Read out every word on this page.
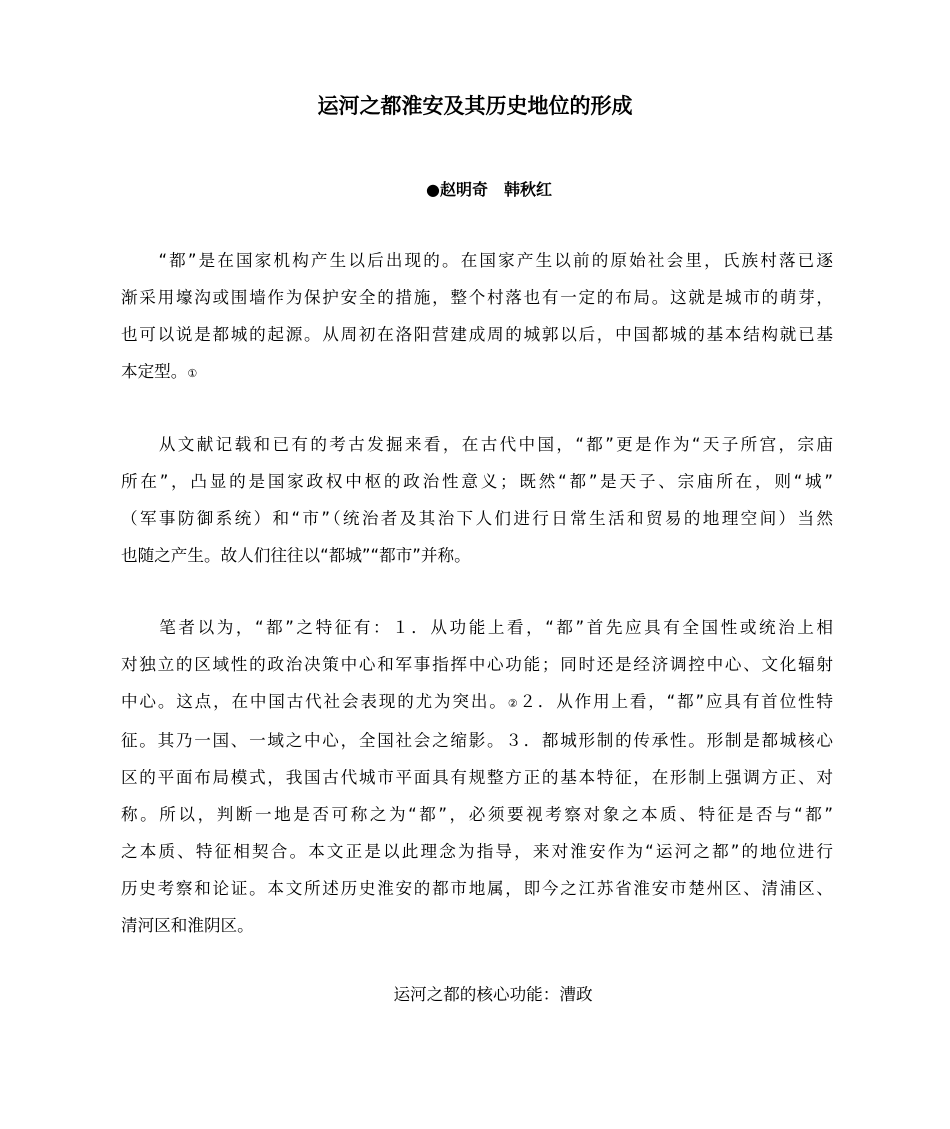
运河之都淮安及其历史地位的形成
●赵明奇　韩秋红
　　“都”是在国家机构产生以后出现的。在国家产生以前的原始社会里，氏族村落已逐
渐采用壕沟或围墙作为保护安全的措施，整个村落也有一定的布局。这就是城市的萌芽，
也可以说是都城的起源。从周初在洛阳营建成周的城郭以后，中国都城的基本结构就已基
本定型。①
　　从文献记载和已有的考古发掘来看，在古代中国，“都”更是作为“天子所宫，宗庙
所在”，凸显的是国家政权中枢的政治性意义；既然“都”是天子、宗庙所在，则“城”
（军事防御系统）和“市”（统治者及其治下人们进行日常生活和贸易的地理空间）当然
也随之产生。故人们往往以“都城”“都市”并称。
　　笔者以为，“都”之特征有：１．从功能上看，“都”首先应具有全国性或统治上相
对独立的区域性的政治决策中心和军事指挥中心功能；同时还是经济调控中心、文化辐射
中心。这点，在中国古代社会表现的尤为突出。②２．从作用上看，“都”应具有首位性特
征。其乃一国、一域之中心，全国社会之缩影。３．都城形制的传承性。形制是都城核心
区的平面布局模式，我国古代城市平面具有规整方正的基本特征，在形制上强调方正、对
称。所以，判断一地是否可称之为“都”，必须要视考察对象之本质、特征是否与“都”
之本质、特征相契合。本文正是以此理念为指导，来对淮安作为“运河之都”的地位进行
历史考察和论证。本文所述历史淮安的都市地属，即今之江苏省淮安市楚州区、清浦区、
清河区和淮阴区。
运河之都的核心功能：漕政
